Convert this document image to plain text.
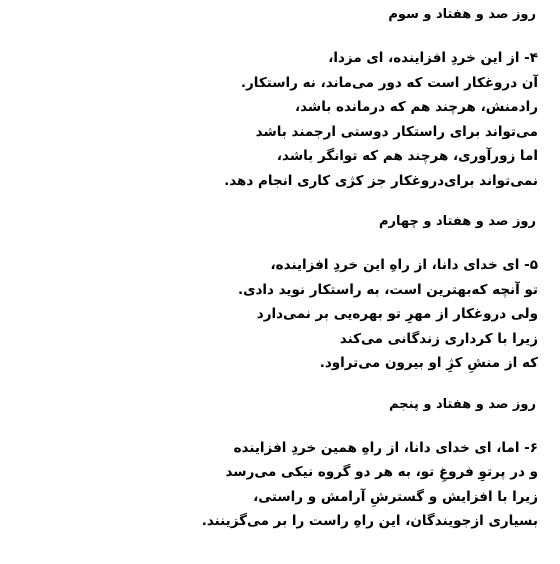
روز صد و هفتاد و سوم
۴- از این خردِ افزاینده، ای مزدا،
آن دروغکار است که دور می‌ماند، نه راستکار.
رادمنش، هرچند هم که درمانده باشد،
می‌تواند برای راستکار دوستی ارجمند باشد
اما زورآوری، هرچند هم که توانگر باشد،
نمی‌تواند برای‌دروغکار جز کژی کاری انجام دهد.
روز صد و هفتاد و چهارم
۵- ای خدای دانا، از راهِ این خردِ افزاینده،
تو آنچه که‌بهترین است، به راستکار نوید دادی.
ولی دروغکار از مهرِ تو بهره‌یی بر نمی‌دارد
زیرا با کرداری زندگانی می‌کند
که از منشِ کژِ او بیرون می‌تراود.
روز صد و هفتاد و پنجم
۶- اما، ای خدای دانا، از راهِ همین خردِ افزاینده
و در پرتوِ فروغِ تو، به هر دو گروه نیکی می‌رسد
زیرا با افزایش و گسترشِ آرامش و راستی،
بسیاری ازجویندگان، این راهِ راست را بر می‌گزینند.
